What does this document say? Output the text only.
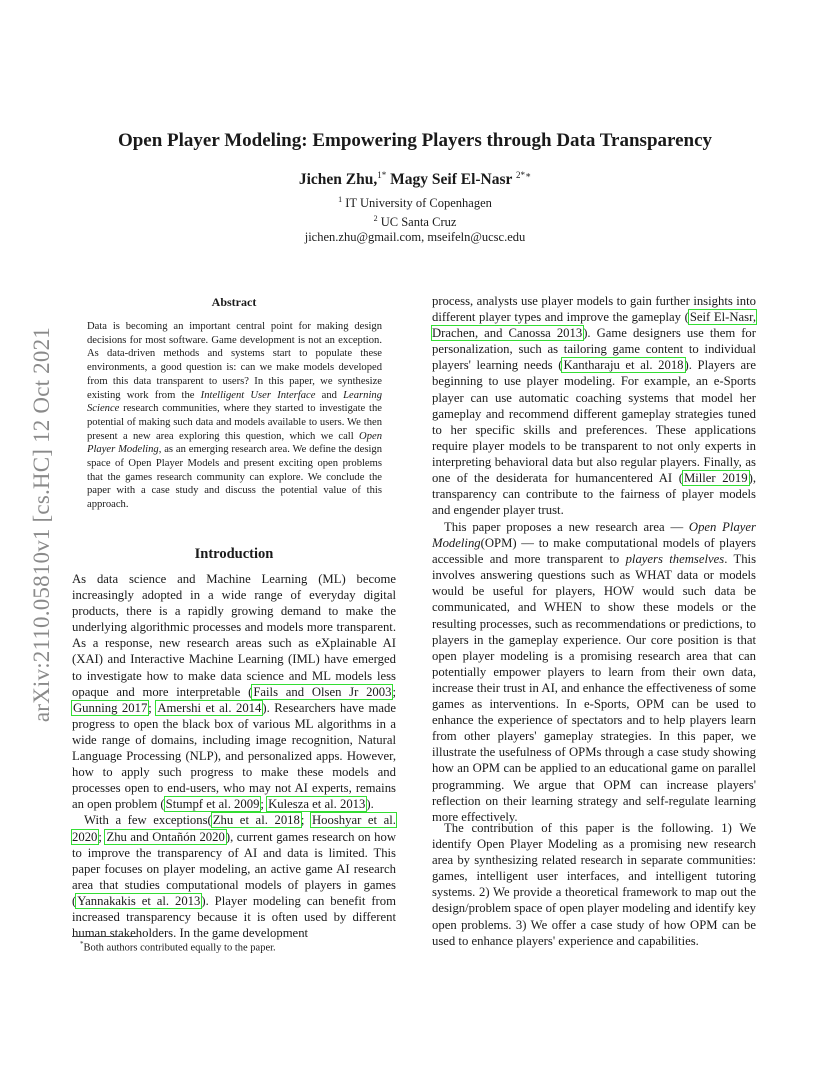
arXiv:2110.05810v1 [cs.HC] 12 Oct 2021
Open Player Modeling: Empowering Players through Data Transparency
Jichen Zhu,$^{1*}$ Magy Seif El-Nasr $^{2*∗}$
$^1$ IT University of Copenhagen
$^2$ UC Santa Cruz
jichen.zhu@gmail.com, mseifeln@ucsc.edu
Abstract
Data is becoming an important central point for making design decisions for most software. Game development is not an exception. As data-driven methods and systems start to populate these environments, a good question is: can we make models developed from this data transparent to users? In this paper, we synthesize existing work from the Intelligent User Interface and Learning Science research communities, where they started to investigate the potential of making such data and models available to users. We then present a new area exploring this question, which we call Open Player Modeling, as an emerging research area. We define the design space of Open Player Models and present exciting open problems that the games research community can explore. We conclude the paper with a case study and discuss the potential value of this approach.
Introduction

As data science and Machine Learning (ML) become increasingly adopted in a wide range of everyday digital products, there is a rapidly growing demand to make the underlying algorithmic processes and models more transparent. As a response, new research areas such as eXplainable AI (XAI) and Interactive Machine Learning (IML) have emerged to investigate how to make data science and ML models less opaque and more interpretable (Fails and Olsen Jr 2003; Gunning 2017; Amershi et al. 2014). Researchers have made progress to open the black box of various ML algorithms in a wide range of domains, including image recognition, Natural Language Processing (NLP), and personalized apps. However, how to apply such progress to make these models and processes open to end-users, who may not AI experts, remains an open problem (Stumpf et al. 2009; Kulesza et al. 2013).

With a few exceptions(Zhu et al. 2018; Hooshyar et al. 2020; Zhu and Ontañón 2020), current games research on how to improve the transparency of AI and data is limited. This paper focuses on player modeling, an active game AI research area that studies computational models of players in games (Yannakakis et al. 2013). Player modeling can benefit from increased transparency because it is often used by different human stakeholders. In the game development

process, analysts use player models to gain further insights into different player types and improve the gameplay (Seif El-Nasr, Drachen, and Canossa 2013). Game designers use them for personalization, such as tailoring game content to individual players' learning needs (Kantharaju et al. 2018). Players are beginning to use player modeling. For example, an e-Sports player can use automatic coaching systems that model her gameplay and recommend different gameplay strategies tuned to her specific skills and preferences. These applications require player models to be transparent to not only experts in interpreting behavioral data but also regular players. Finally, as one of the desiderata for humancentered AI (Miller 2019), transparency can contribute to the fairness of player models and engender player trust.

This paper proposes a new research area — Open Player Modeling(OPM) — to make computational models of players accessible and more transparent to players themselves. This involves answering questions such as WHAT data or models would be useful for players, HOW would such data be communicated, and WHEN to show these models or the resulting processes, such as recommendations or predictions, to players in the gameplay experience. Our core position is that open player modeling is a promising research area that can potentially empower players to learn from their own data, increase their trust in AI, and enhance the effectiveness of some games as interventions. In e-Sports, OPM can be used to enhance the experience of spectators and to help players learn from other players' gameplay strategies. In this paper, we illustrate the usefulness of OPMs through a case study showing how an OPM can be applied to an educational game on parallel programming. We argue that OPM can increase players' reflection on their learning strategy and self-regulate learning more effectively.

The contribution of this paper is the following. 1) We identify Open Player Modeling as a promising new research area by synthesizing related research in separate communities: games, intelligent user interfaces, and intelligent tutoring systems. 2) We provide a theoretical framework to map out the design/problem space of open player modeling and identify key open problems. 3) We offer a case study of how OPM can be used to enhance players' experience and capabilities.

*Both authors contributed equally to the paper.
